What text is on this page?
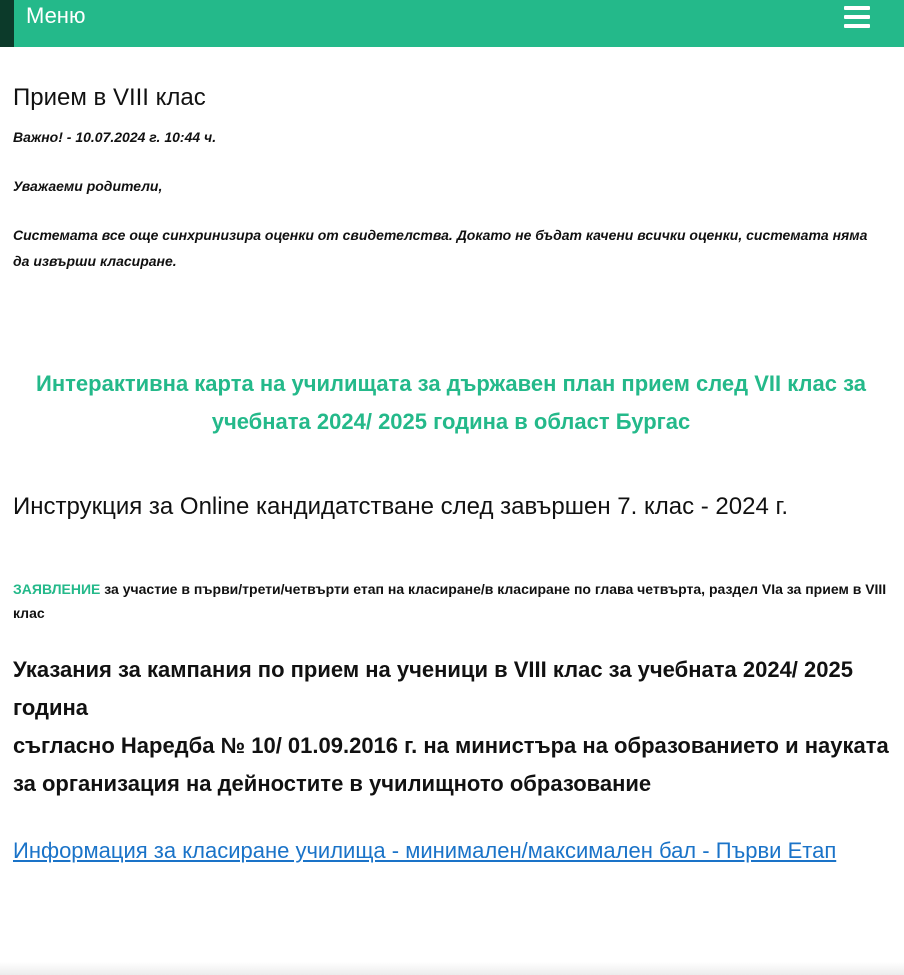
Меню
Прием в VIII клас

Важно! - 10.07.2024 г. 10:44 ч.

Уважаеми родители,

Системата все още синхринизира оценки от свидетелства. Докато не бъдат качени всички оценки, системата няма да извърши класиране.

Интерактивна карта на училищата за държавен план прием след VII клас за учебната 2024/ 2025 година в област Бургас

Инструкция за Online кандидатстване след завършен 7. клас - 2024 г.

ЗАЯВЛЕНИЕ за участие в първи/трети/четвърти етап на класиране/в класиране по глава четвърта, раздел VIa за прием в VIII клас

Указания за кампания по прием на ученици в VIII клас за учебната 2024/ 2025 година
съгласно Наредба № 10/ 01.09.2016 г. на министъра на образованието и науката за организация на дейностите в училищното образование
Информация за класиране училища - минимален/максимален бал - Първи Етап
